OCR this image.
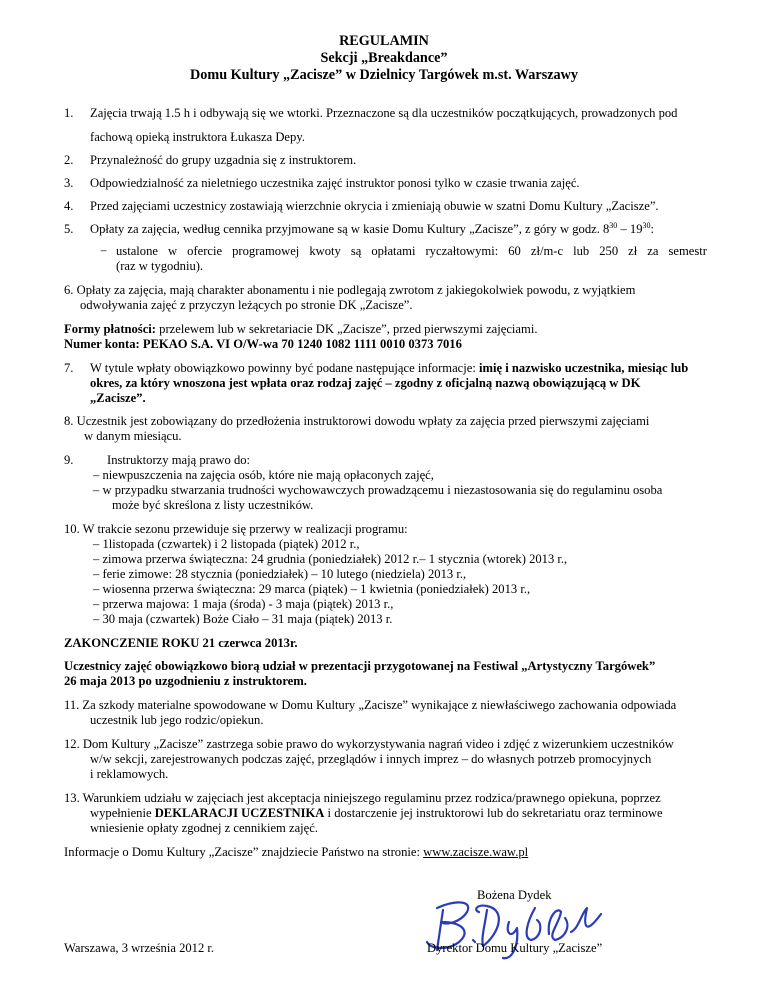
REGULAMIN
Sekcji „Breakdance”
Domu Kultury „Zacisze” w Dzielnicy Targówek m.st. Warszawy
1. Zajęcia trwają 1.5 h i odbywają się we wtorki. Przeznaczone są dla uczestników początkujących, prowadzonych pod
fachową opieką instruktora Łukasza Depy.
2. Przynależność do grupy uzgadnia się z instruktorem.
3. Odpowiedzialność za nieletniego uczestnika zajęć instruktor ponosi tylko w czasie trwania zajęć.
4. Przed zajęciami uczestnicy zostawiają wierzchnie okrycia i zmieniają obuwie w szatni Domu Kultury „Zacisze”.
5. Opłaty za zajęcia, według cennika przyjmowane są w kasie Domu Kultury „Zacisze”, z góry w godz. $8^{30} - 19^{30}$:
− ustalone w ofercie programowej kwoty są opłatami ryczałtowymi: 60 zł/m-c lub 250 zł za semestr
(raz w tygodniu).
6. Opłaty za zajęcia, mają charakter abonamentu i nie podlegają zwrotom z jakiegokolwiek powodu, z wyjątkiem
odwoływania zajęć z przyczyn leżących po stronie DK „Zacisze”.
Formy płatności: przelewem lub w sekretariacie DK „Zacisze”, przed pierwszymi zajęciami.
Numer konta: PEKAO S.A. VI O/W-wa 70 1240 1082 1111 0010 0373 7016
7. W tytule wpłaty obowiązkowo powinny być podane następujące informacje: imię i nazwisko uczestnika, miesiąc lub
okres, za który wnoszona jest wpłata oraz rodzaj zajęć – zgodny z oficjalną nazwą obowiązującą w DK
„Zacisze”.
8. Uczestnik jest zobowiązany do przedłożenia instruktorowi dowodu wpłaty za zajęcia przed pierwszymi zajęciami
w danym miesiącu.
9.	Instruktorzy mają prawo do:
– niewpuszczenia na zajęcia osób, które nie mają opłaconych zajęć,
– w przypadku stwarzania trudności wychowawczych prowadzącemu i niezastosowania się do regulaminu osoba
może być skreślona z listy uczestników.
10. W trakcie sezonu przewiduje się przerwy w realizacji programu:
– 1listopada (czwartek) i 2 listopada (piątek) 2012 r.,
– zimowa przerwa świąteczna: 24 grudnia (poniedziałek) 2012 r.– 1 stycznia (wtorek) 2013 r.,
– ferie zimowe: 28 stycznia (poniedziałek) – 10 lutego (niedziela) 2013 r.,
– wiosenna przerwa świąteczna: 29 marca (piątek) – 1 kwietnia (poniedziałek) 2013 r.,
– przerwa majowa: 1 maja (środa) - 3 maja (piątek) 2013 r.,
– 30 maja (czwartek) Boże Ciało – 31 maja (piątek) 2013 r.
ZAKONCZENIE ROKU 21 czerwca 2013r.
Uczestnicy zajęć obowiązkowo biorą udział w prezentacji przygotowanej na Festiwal „Artystyczny Targówek”
26 maja 2013 po uzgodnieniu z instruktorem.
11. Za szkody materialne spowodowane w Domu Kultury „Zacisze” wynikające z niewłaściwego zachowania odpowiada
uczestnik lub jego rodzic/opiekun.
12. Dom Kultury „Zacisze” zastrzega sobie prawo do wykorzystywania nagrań video i zdjęć z wizerunkiem uczestników
w/w sekcji, zarejestrowanych podczas zajęć, przeglądów i innych imprez – do własnych potrzeb promocyjnych
i reklamowych.
13. Warunkiem udziału w zajęciach jest akceptacja niniejszego regulaminu przez rodzica/prawnego opiekuna, poprzez
wypełnienie DEKLARACJI UCZESTNIKA i dostarczenie jej instruktorowi lub do sekretariatu oraz terminowe
wniesienie opłaty zgodnej z cennikiem zajęć.
Informacje o Domu Kultury „Zacisze” znajdziecie Państwo na stronie: www.zacisze.waw.pl
Bożena Dydek
Warszawa, 3 września 2012 r.	Dyrektor Domu Kultury „Zacisze”
